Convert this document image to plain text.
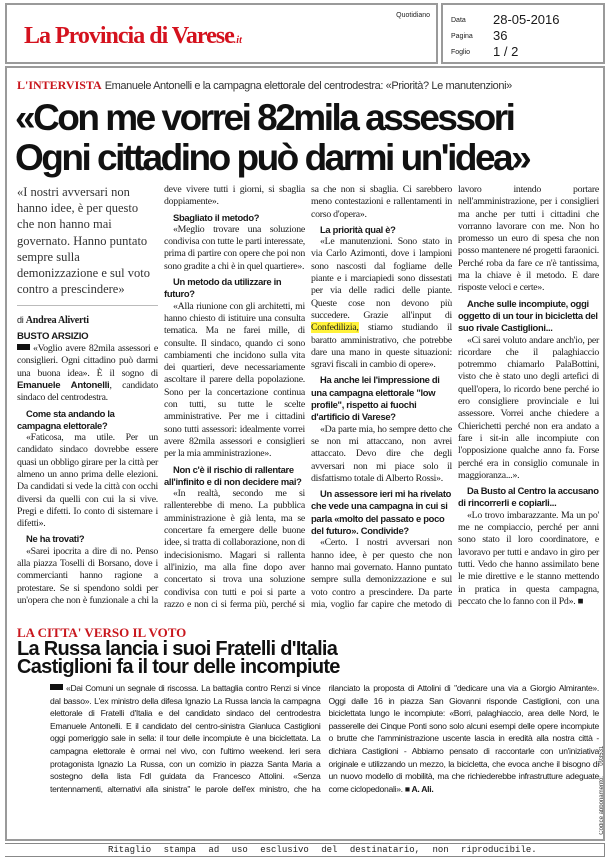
La Provincia di Varese.it
Quotidiano
Data	28-05-2016
Pagina	36
Foglio	1 / 2
L'INTERVISTA Emanuele Antonelli e la campagna elettorale del centrodestra: «Priorità? Le manutenzioni»
«Con me vorrei 82mila assessori
Ogni cittadino può darmi un'idea»

«I nostri avversari non hanno idee, è per questo che non hanno mai governato. Hanno puntato sempre sulla demonizzazione e sul voto contro a prescindere»

di Andrea Aliverti

BUSTO ARSIZIO

«Voglio avere 82mila assessori e consiglieri. Ogni cittadino può darmi una buona idea». È il sogno di Emanuele Antonelli, candidato sindaco del centrodestra.

Come sta andando la campagna elettorale?

«Faticosa, ma utile. Per un candidato sindaco dovrebbe essere quasi un obbligo girare per la città per almeno un anno prima delle elezioni. Da candidati si vede la città con occhi diversi da quelli con cui la si vive. Pregi e difetti. Io conto di sistemare i difetti».

Ne ha trovati?

«Sarei ipocrita a dire di no. Penso alla piazza Toselli di Borsano, dove i commercianti hanno ragione a protestare. Se si spendono soldi per un'opera che non è funzionale a chi la deve vivere tutti i giorni, si sbaglia doppiamente».

Sbagliato il metodo?

«Meglio trovare una soluzione condivisa con tutte le parti interessate, prima di partire con opere che poi non sono gradite a chi è in quel quartiere».

Un metodo da utilizzare in futuro?

«Alla riunione con gli architetti, mi hanno chiesto di istituire una consulta tematica. Ma ne farei mille, di consulte. Il sindaco, quando ci sono cambiamenti che incidono sulla vita dei quartieri, deve necessariamente ascoltare il parere della popolazione. Sono per la concertazione continua con tutti, su tutte le scelte amministrative. Per me i cittadini sono tutti assessori: idealmente vorrei avere 82mila assessori e consiglieri per la mia amministrazione».

Non c'è il rischio di rallentare all'infinito e di non decidere mai?

«In realtà, secondo me si rallenterebbe di meno. La pubblica amministrazione è già lenta, ma se concertare fa emergere delle buone idee, si tratta di collaborazione, non di indecisionismo. Magari si rallenta all'inizio, ma alla fine dopo aver concertato si trova una soluzione condivisa con tutti e poi si parte a razzo e non ci si ferma più, perché si sa che non si sbaglia. Ci sarebbero meno contestazioni e rallentamenti in corso d'opera».

La priorità qual è?

«Le manutenzioni. Sono stato in via Carlo Azimonti, dove i lampioni sono nascosti dal fogliame delle piante e i marciapiedi sono dissestati per via delle radici delle piante. Queste cose non devono più succedere. Grazie all'input di Confedilizia, stiamo studiando il baratto amministrativo, che potrebbe dare una mano in queste situazioni: sgravi fiscali in cambio di opere».

Ha anche lei l'impressione di una campagna elettorale "low profile", rispetto ai fuochi d'artificio di Varese?

«Da parte mia, ho sempre detto che se non mi attaccano, non avrei attaccato. Devo dire che degli avversari non mi piace solo il disfattismo totale di Alberto Rossi».

Un assessore ieri mi ha rivelato che vede una campagna in cui si parla «molto del passato e poco del futuro». Condivide?

«Certo. I nostri avversari non hanno idee, è per questo che non hanno mai governato. Hanno puntato sempre sulla demonizzazione e sul voto contro a prescindere. Da parte mia, voglio far capire che metodo di lavoro intendo portare nell'amministrazione, per i consiglieri ma anche per tutti i cittadini che vorranno lavorare con me. Non ho promesso un euro di spesa che non posso mantenere né progetti faraonici. Perché roba da fare ce n'è tantissima, ma la chiave è il metodo. E dare risposte veloci e certe».

Anche sulle incompiute, oggi oggetto di un tour in bicicletta del suo rivale Castiglioni...

«Ci sarei voluto andare anch'io, per ricordare che il palaghiaccio potremmo chiamarlo PalaBottini, visto che è stato uno degli artefici di quell'opera, lo ricordo bene perché io ero consigliere provinciale e lui assessore. Vorrei anche chiedere a Chierichetti perché non era andato a fare i sit-in alle incompiute con l'opposizione qualche anno fa. Forse perché era in consiglio comunale in maggioranza...».

Da Busto al Centro la accusano di rincorrerli e copiarli...

«Lo trovo imbarazzante. Ma un po' me ne compiaccio, perché per anni sono stato il loro coordinatore, e lavoravo per tutti e andavo in giro per tutti. Vedo che hanno assimilato bene le mie direttive e le stanno mettendo in pratica in questa campagna, peccato che lo fanno con il Pd». ■

LA CITTA' VERSO IL VOTO
La Russa lancia i suoi Fratelli d'Italia
Castiglioni fa il tour delle incompiute

«Dai Comuni un segnale di riscossa. La battaglia contro Renzi si vince dal basso». L'ex ministro della difesa Ignazio La Russa lancia la campagna elettorale di Fratelli d'Italia e del candidato sindaco del centrodestra Emanuele Antonelli. E il candidato del centro-sinistra Gianluca Castiglioni oggi pomeriggio sale in sella: il tour delle incompiute è una biciclettata. La campagna elettorale è ormai nel vivo, con l'ultimo weekend. Ieri sera protagonista Ignazio La Russa, con un comizio in piazza Santa Maria a sostegno della lista FdI guidata da Francesco Attolini. «Senza tentennamenti, alternativi alla sinistra" le parole dell'ex ministro, che ha rilanciato la proposta di Attolini di "dedicare una via a Giorgio Almirante». Oggi dalle 16 in piazza San Giovanni risponde Castiglioni, con una biciclettata lungo le incompiute: «Borri, palaghiaccio, area delle Nord, le passerelle dei Cinque Ponti sono solo alcuni esempi delle opere incompiute o brutte che l'amministrazione uscente lascia in eredità alla nostra città - dichiara Castiglioni - Abbiamo pensato di raccontarle con un'iniziativa originale e utilizzando un mezzo, la bicicletta, che evoca anche il bisogno di un nuovo modello di mobilità, ma che richiederebbe infrastrutture adeguate come ciclopedonali». ■ A. Ali.	Codice abbonamento:093531
Ritaglio stampa ad uso esclusivo del destinatario, non riproducibile.
